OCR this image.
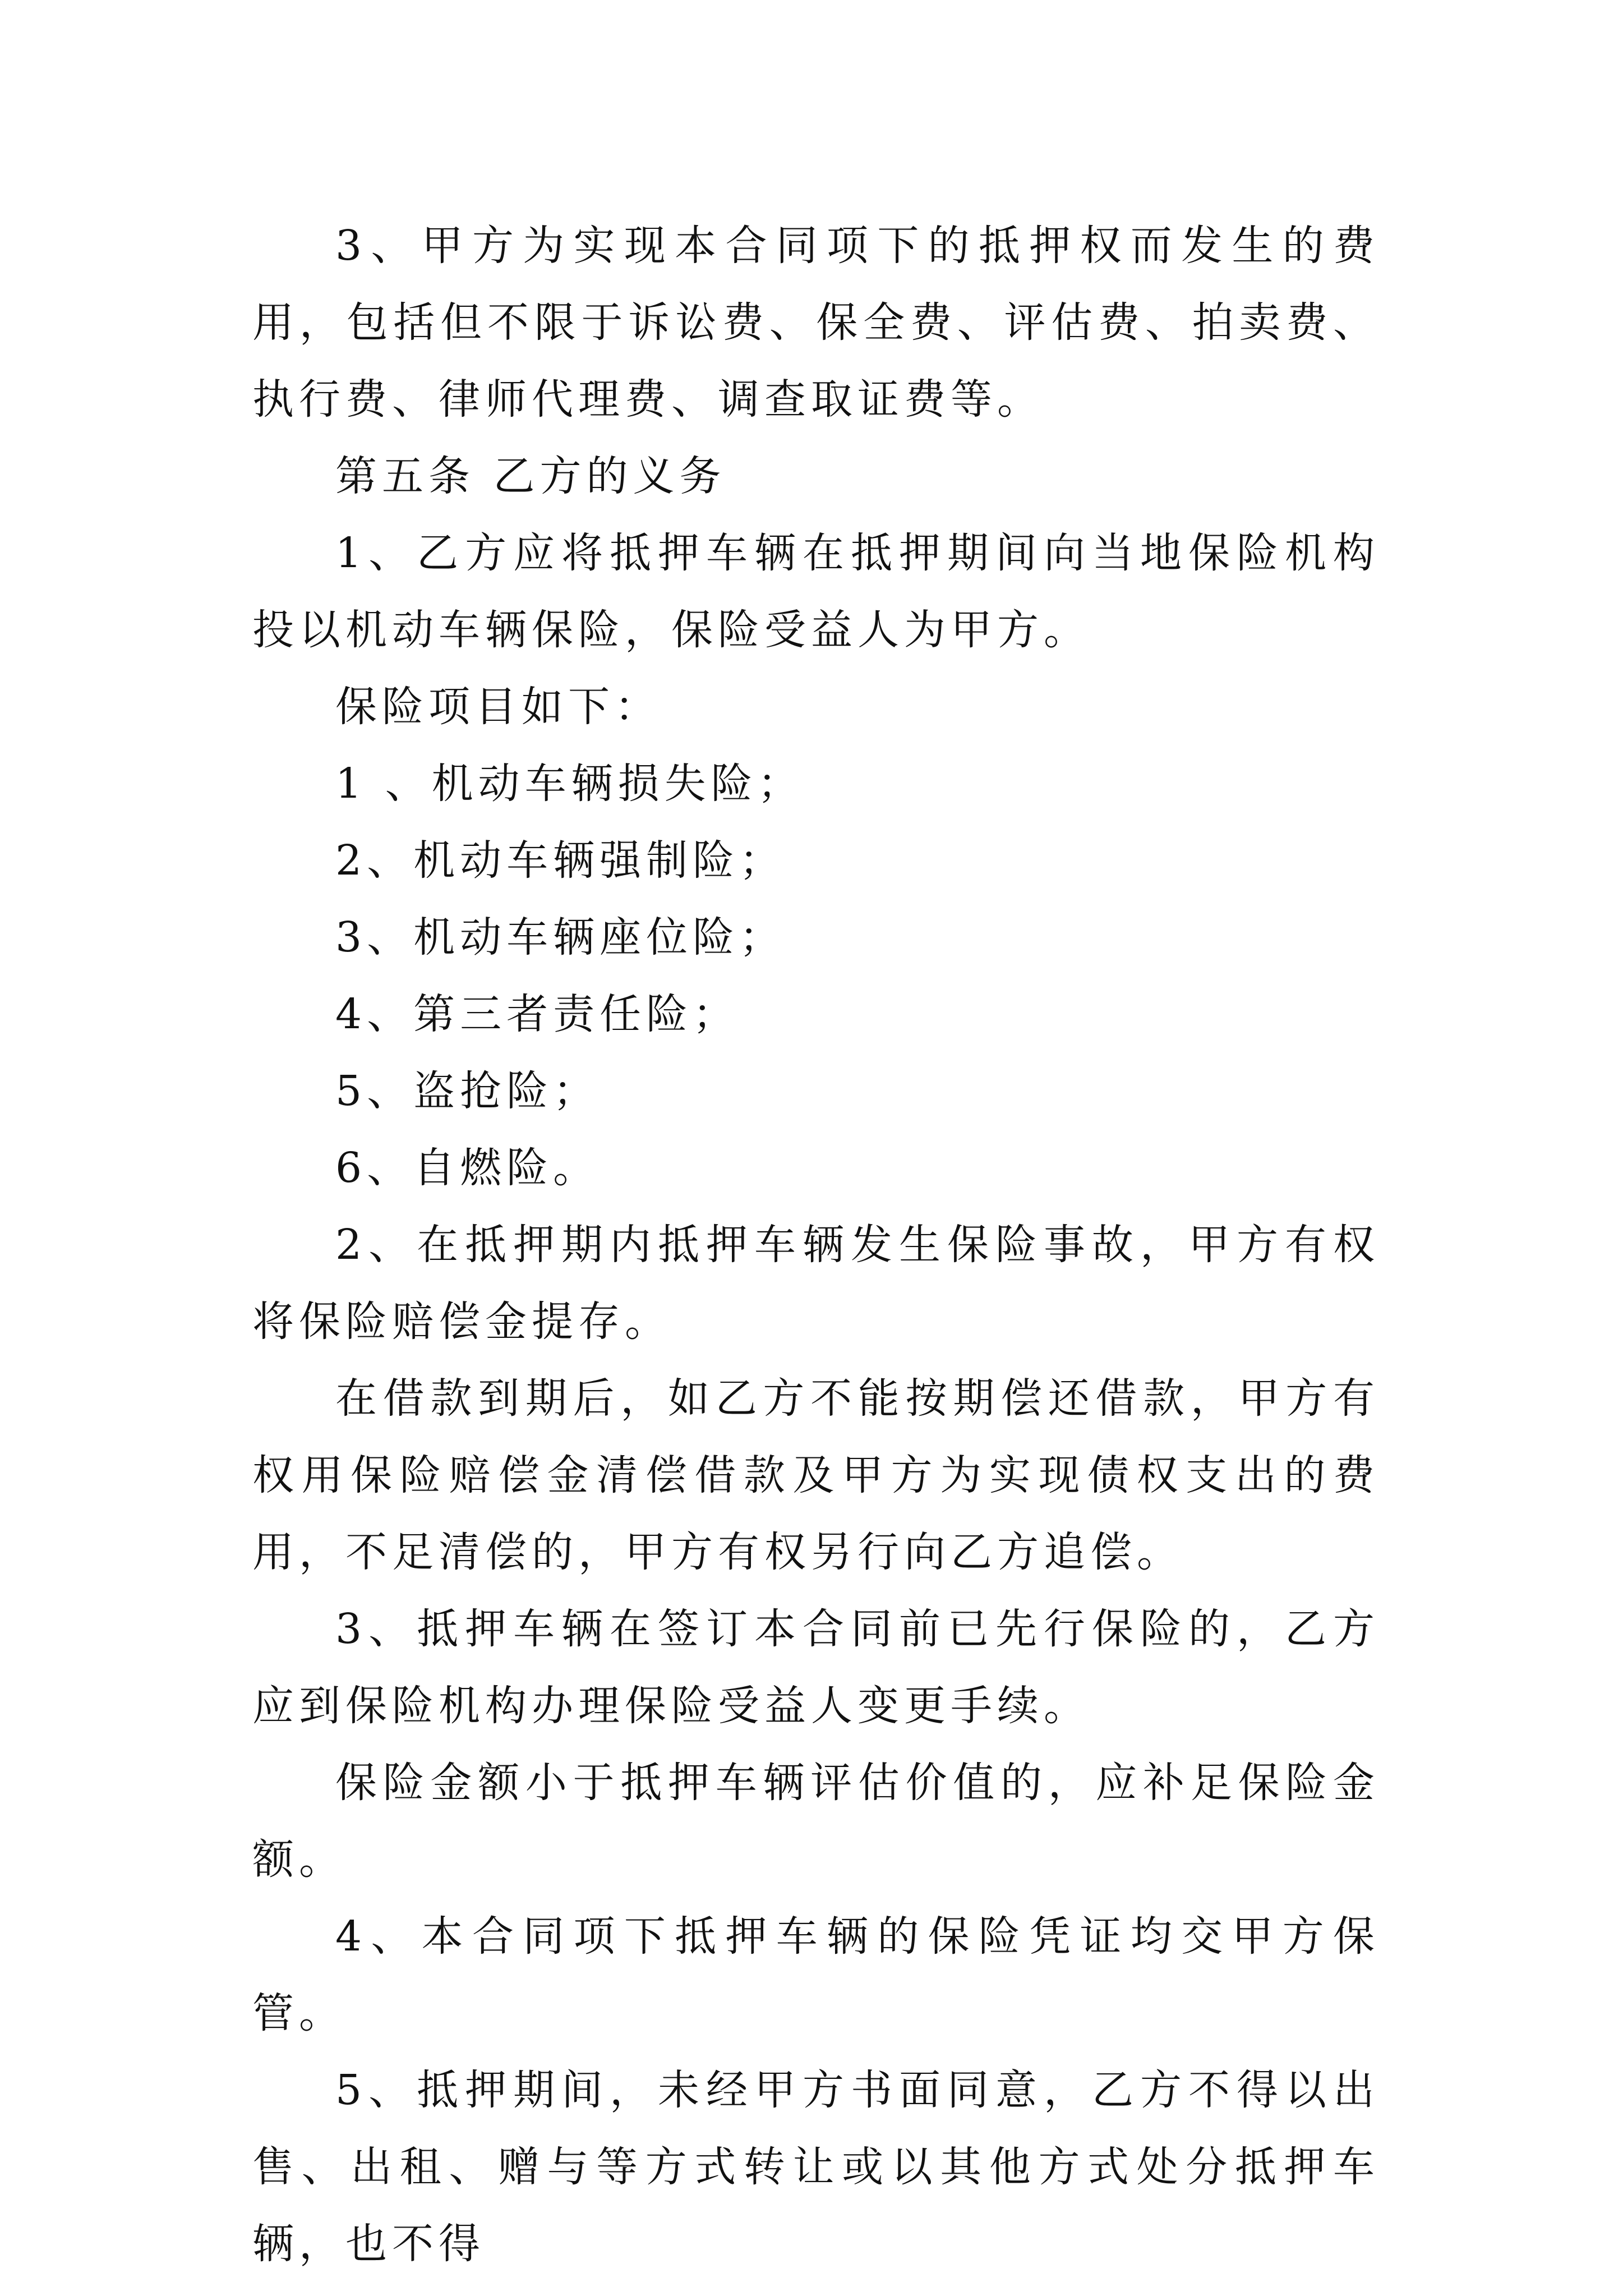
3、甲方为实现本合同项下的抵押权而发生的费用，包括但不限于诉讼费、保全费、评估费、拍卖费、执行费、律师代理费、调查取证费等。

第五条 乙方的义务

1、乙方应将抵押车辆在抵押期间向当地保险机构投以机动车辆保险，保险受益人为甲方。

保险项目如下：

1 、机动车辆损失险；

2、机动车辆强制险；

3、机动车辆座位险；

4、第三者责任险；

5、盗抢险；

6、自燃险。

2、在抵押期内抵押车辆发生保险事故，甲方有权将保险赔偿金提存。

在借款到期后，如乙方不能按期偿还借款，甲方有权用保险赔偿金清偿借款及甲方为实现债权支出的费用，不足清偿的，甲方有权另行向乙方追偿。

3、抵押车辆在签订本合同前已先行保险的，乙方应到保险机构办理保险受益人变更手续。

保险金额小于抵押车辆评估价值的，应补足保险金额。

4、本合同项下抵押车辆的保险凭证均交甲方保管。

5、抵押期间，未经甲方书面同意，乙方不得以出售、出租、赠与等方式转让或以其他方式处分抵押车辆，也不得
